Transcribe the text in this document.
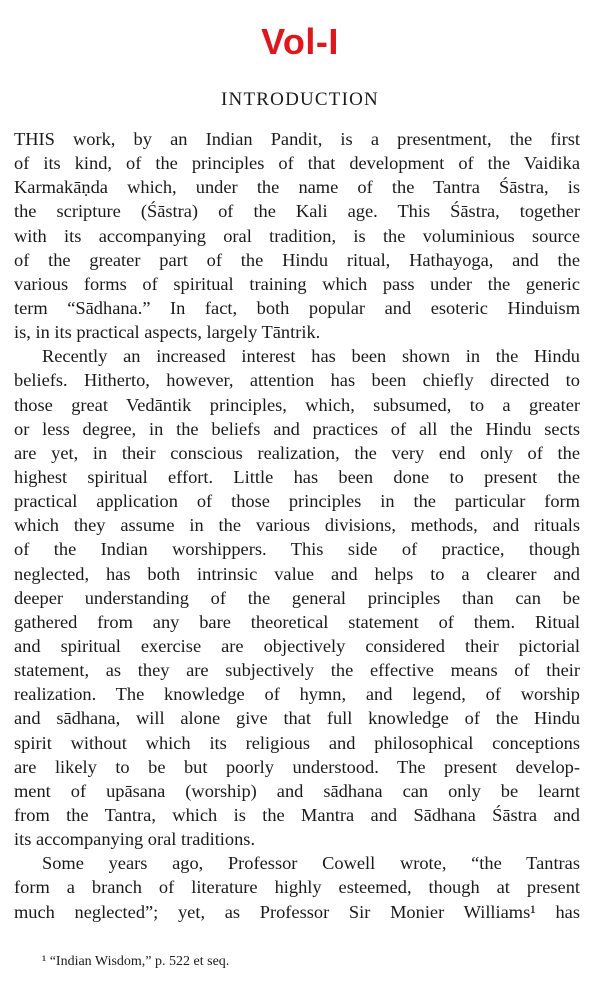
Vol-I
INTRODUCTION
THIS work, by an Indian Pandit, is a presentment, the first
of its kind, of the principles of that development of the Vaidika
Karmakāṇda which, under the name of the Tantra Śāstra, is
the scripture (Śāstra) of the Kali age. This Śāstra, together
with its accompanying oral tradition, is the voluminious source
of the greater part of the Hindu ritual, Hathayoga, and the
various forms of spiritual training which pass under the generic
term “Sādhana.” In fact, both popular and esoteric Hinduism
is, in its practical aspects, largely Tāntrik.
Recently an increased interest has been shown in the Hindu
beliefs. Hitherto, however, attention has been chiefly directed to
those great Vedāntik principles, which, subsumed, to a greater
or less degree, in the beliefs and practices of all the Hindu sects
are yet, in their conscious realization, the very end only of the
highest spiritual effort. Little has been done to present the
practical application of those principles in the particular form
which they assume in the various divisions, methods, and rituals
of the Indian worshippers. This side of practice, though
neglected, has both intrinsic value and helps to a clearer and
deeper understanding of the general principles than can be
gathered from any bare theoretical statement of them. Ritual
and spiritual exercise are objectively considered their pictorial
statement, as they are subjectively the effective means of their
realization. The knowledge of hymn, and legend, of worship
and sādhana, will alone give that full knowledge of the Hindu
spirit without which its religious and philosophical conceptions
are likely to be but poorly understood. The present develop-
ment of upāsana (worship) and sādhana can only be learnt
from the Tantra, which is the Mantra and Sādhana Śāstra and
its accompanying oral traditions.
Some years ago, Professor Cowell wrote, “the Tantras
form a branch of literature highly esteemed, though at present
much neglected”; yet, as Professor Sir Monier Williams¹ has
¹ “Indian Wisdom,” p. 522 et seq.
